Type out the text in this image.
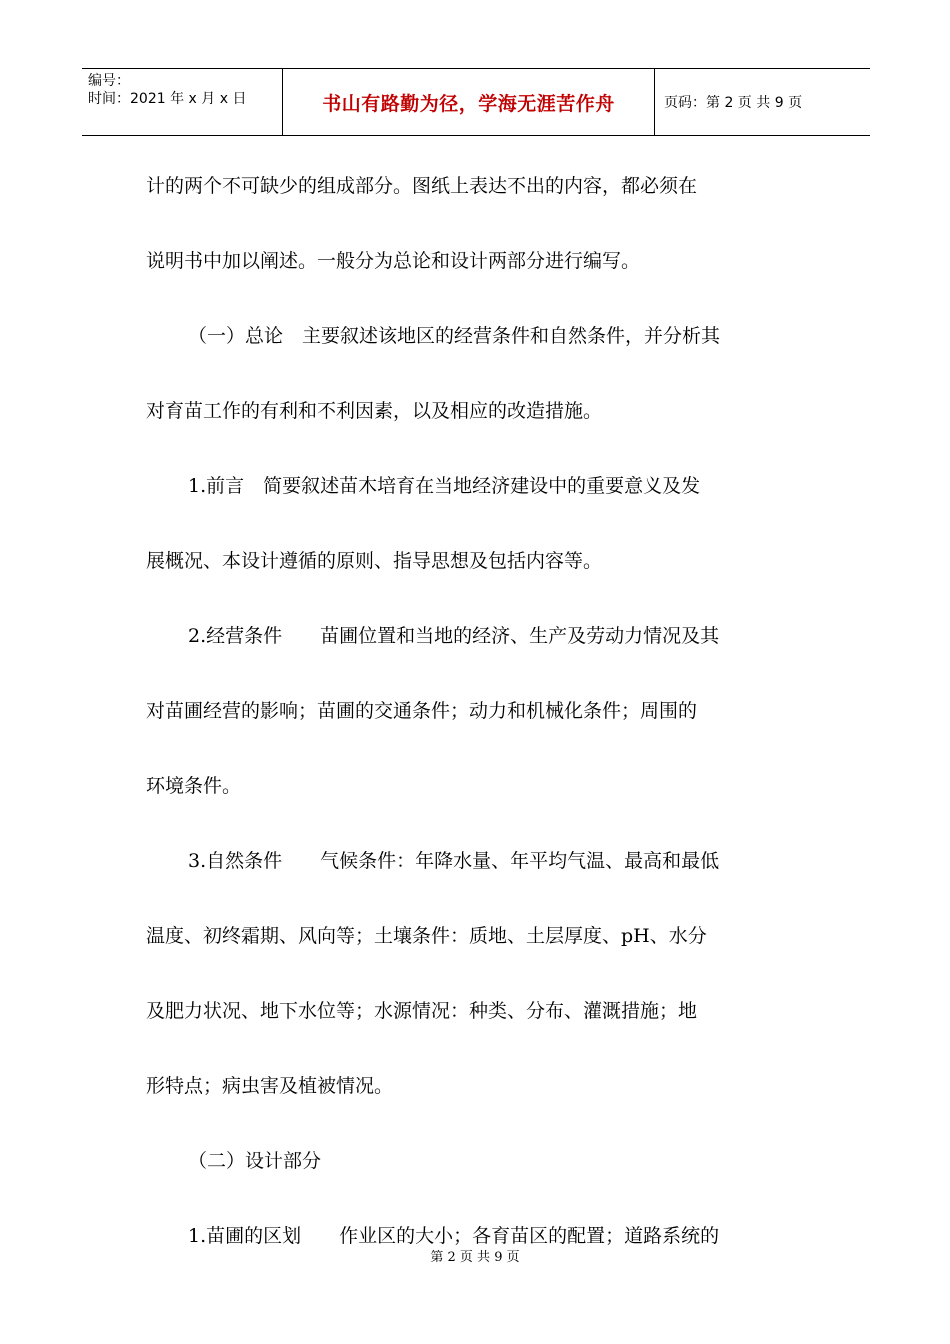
编号：
时间：2021 年 x 月 x 日	书山有路勤为径，学海无涯苦作舟	页码：第 2 页 共 9 页
计的两个不可缺少的组成部分。图纸上表达不出的内容，都必须在
说明书中加以阐述。一般分为总论和设计两部分进行编写。
（一）总论　主要叙述该地区的经营条件和自然条件，并分析其
对育苗工作的有利和不利因素，以及相应的改造措施。
1.前言　简要叙述苗木培育在当地经济建设中的重要意义及发
展概况、本设计遵循的原则、指导思想及包括内容等。
2.经营条件　　苗圃位置和当地的经济、生产及劳动力情况及其
对苗圃经营的影响；苗圃的交通条件；动力和机械化条件；周围的
环境条件。
3.自然条件　　气候条件：年降水量、年平均气温、最高和最低
温度、初终霜期、风向等；土壤条件：质地、土层厚度、pH、水分
及肥力状况、地下水位等；水源情况：种类、分布、灌溉措施；地
形特点；病虫害及植被情况。
（二）设计部分
1.苗圃的区划　　作业区的大小；各育苗区的配置；道路系统的
第 2 页 共 9 页
